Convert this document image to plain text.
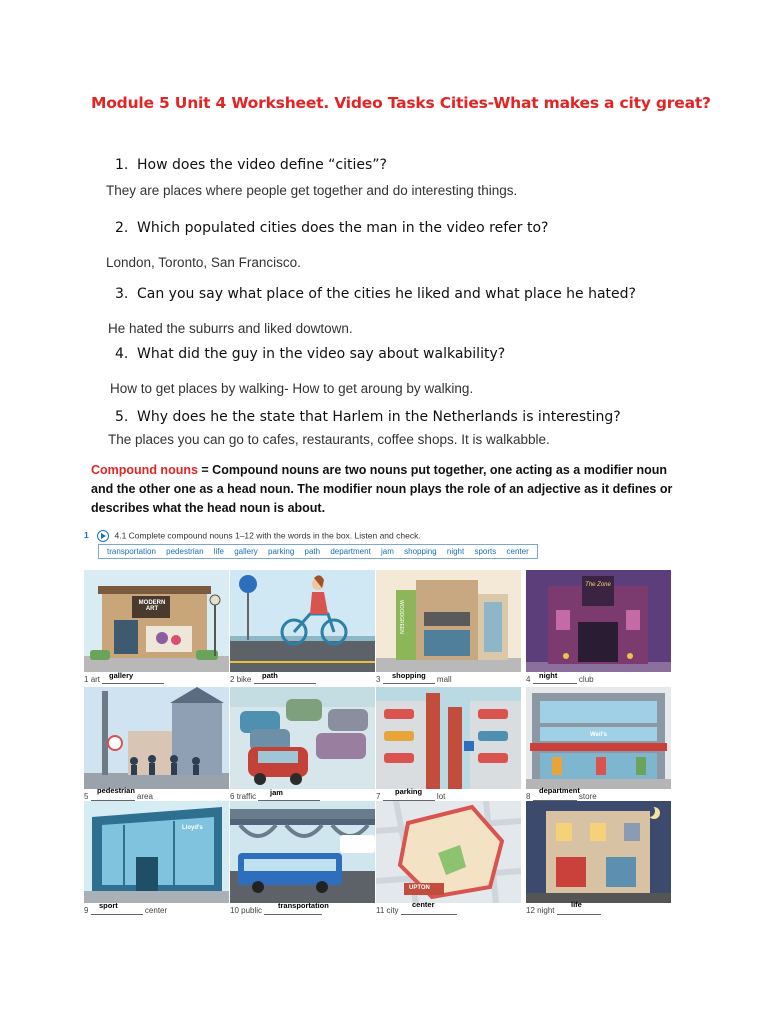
Module 5 Unit 4 Worksheet. Video Tasks Cities-What makes a city great?
1. How does the video define “cities”?
They are places where people get together and do interesting things.
2. Which populated cities does the man in the video refer to?
London, Toronto, San Francisco.
3. Can you say what place of the cities he liked and what place he hated?
He hated the suburrs and liked dowtown.
4. What did the guy in the video say about walkability?
How to get places by walking- How to get aroung by walking.
5. Why does he the state that Harlem in the Netherlands is interesting?
The places you can go to cafes, restaurants, coffee shops. It is walkabble.
Compound nouns = Compound nouns are two nouns put together, one acting as a modifier noun and the other one as a head noun. The modifier noun plays the role of an adjective as it defines or describes what the head noun is about.
1	4.1 Complete compound nouns 1–12 with the words in the box. Listen and check.
transportation pedestrian life gallery parking path department jam shopping night sports center
MODERN ART	WOODGREEN
The Zone
1 art	gallery	2 bike	path	3	mall
shopping	4	club
night
Weil's
5	area
pedestrian
6 traffic	jam	7	lot
parking
8	store
department
Lloyd's
UPTON
9	center
sport
10 public
transportation
11 city
center
12 night
life
